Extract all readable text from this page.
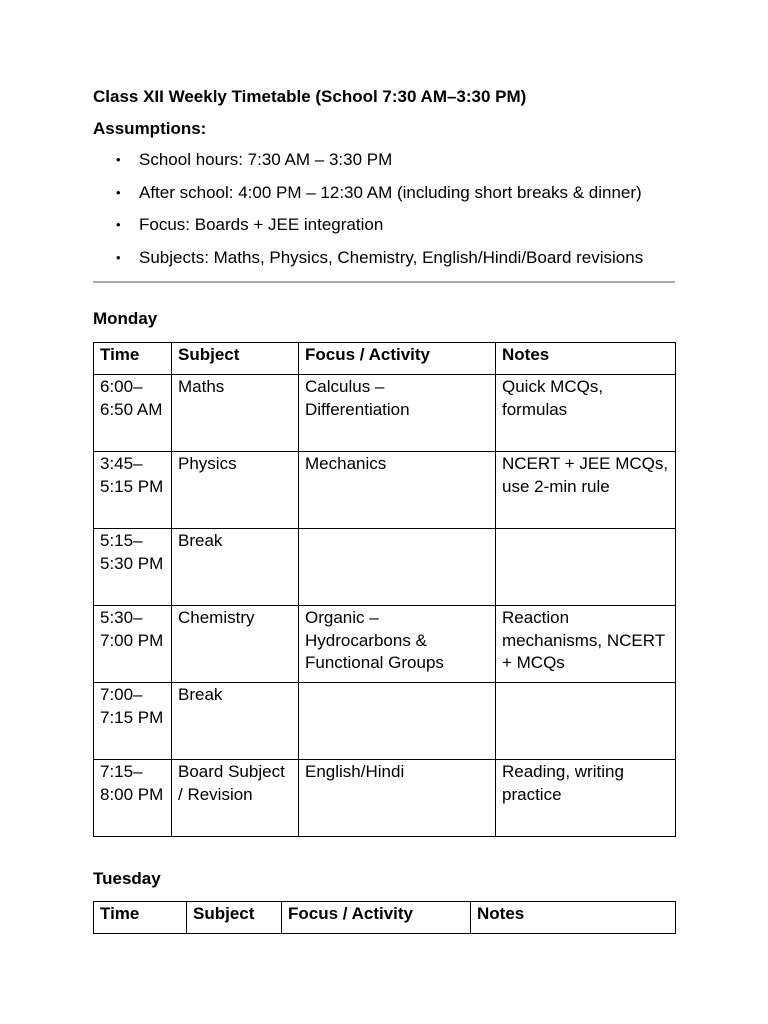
Class XII Weekly Timetable (School 7:30 AM–3:30 PM)

Assumptions:
• School hours: 7:30 AM – 3:30 PM
• After school: 4:00 PM – 12:30 AM (including short breaks & dinner)
• Focus: Boards + JEE integration
• Subjects: Maths, Physics, Chemistry, English/Hindi/Board revisions
Monday
Time	Subject	Focus / Activity	Notes
6:00–6:50 AM	Maths	Calculus – Differentiation	Quick MCQs, formulas
3:45–5:15 PM	Physics	Mechanics	NCERT + JEE MCQs, use 2-min rule
5:15–5:30 PM	Break		
5:30–7:00 PM	Chemistry	Organic – Hydrocarbons & Functional Groups	Reaction mechanisms, NCERT + MCQs
7:00–7:15 PM	Break		
7:15–8:00 PM	Board Subject / Revision	English/Hindi	Reading, writing practice
Tuesday
Time	Subject	Focus / Activity	Notes
